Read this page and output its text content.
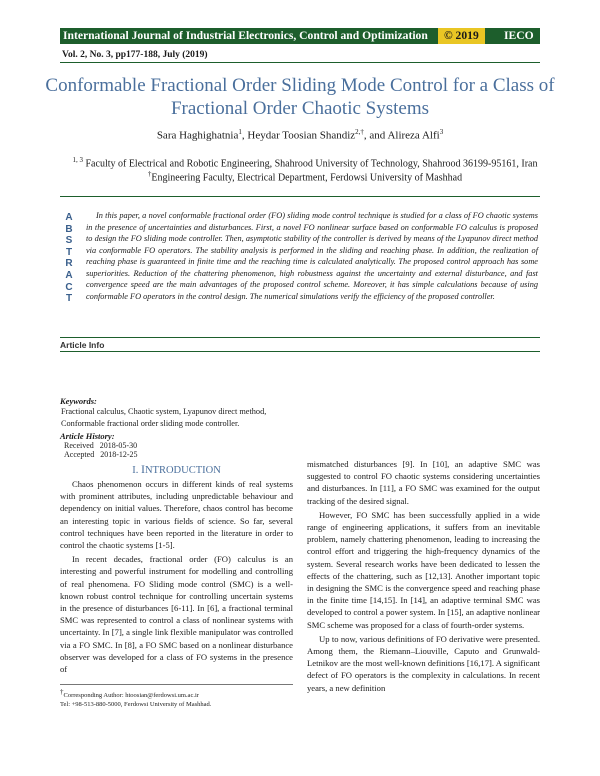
International Journal of Industrial Electronics, Control and Optimization	© 2019	IECO
Vol. 2, No. 3, pp177-188, July (2019)
Conformable Fractional Order Sliding Mode Control for a Class of
Fractional Order Chaotic Systems
Sara Haghighatnia$^1$, Heydar Toosian Shandiz$^{2,\dagger}$, and Alireza Alfi$^3$
$^{1, 3}$ Faculty of Electrical and Robotic Engineering, Shahrood University of Technology, Shahrood 36199-95161, Iran
†Engineering Faculty, Electrical Department, Ferdowsi University of Mashhad
A
B
S
T
R
A
C
T
In this paper, a novel conformable fractional order (FO) sliding mode control technique is studied for a class of FO chaotic systems in the presence of uncertainties and disturbances. First, a novel FO nonlinear surface based on conformable FO calculus is proposed to design the FO sliding mode controller. Then, asymptotic stability of the controller is derived by means of the Lyapunov direct method via conformable FO operators. The stability analysis is performed in the sliding and reaching phase. In addition, the realization of reaching phase is guaranteed in finite time and the reaching time is calculated analytically. The proposed control approach has some superiorities. Reduction of the chattering phenomenon, high robustness against the uncertainty and external disturbance, and fast convergence speed are the main advantages of the proposed control scheme. Moreover, it has simple calculations because of using conformable FO operators in the control design. The numerical simulations verify the efficiency of the proposed controller.
Article Info
Keywords:
Fractional calculus, Chaotic system, Lyapunov direct method,
Conformable fractional order sliding mode controller.
Article History:
Received 2018-05-30
Accepted 2018-12-25
I. INTRODUCTION

Chaos phenomenon occurs in different kinds of real systems with prominent attributes, including unpredictable behaviour and dependency on initial values. Therefore, chaos control has become an interesting topic in various fields of science. So far, several control techniques have been reported in the literature in order to control the chaotic systems [1-5].

In recent decades, fractional order (FO) calculus is an interesting and powerful instrument for modelling and controlling of real phenomena. FO Sliding mode control (SMC) is a well-known robust control technique for controlling uncertain systems in the presence of disturbances [6-11]. In [6], a fractional terminal SMC was represented to control a class of nonlinear systems with uncertainty. In [7], a single link flexible manipulator was controlled via a FO SMC. In [8], a FO SMC based on a nonlinear disturbance observer was developed for a class of FO systems in the presence of

mismatched disturbances [9]. In [10], an adaptive SMC was suggested to control FO chaotic systems considering uncertainties and disturbances. In [11], a FO SMC was examined for the output tracking of the desired signal.

However, FO SMC has been successfully applied in a wide range of engineering applications, it suffers from an inevitable problem, namely chattering phenomenon, leading to increasing the control effort and triggering the high-frequency dynamics of the system. Several research works have been dedicated to lessen the effects of the chattering, such as [12,13]. Another important topic in designing the SMC is the convergence speed and reaching phase in the finite time [14,15]. In [14], an adaptive terminal SMC was developed to control a power system. In [15], an adaptive nonlinear SMC scheme was proposed for a class of fourth-order systems.

Up to now, various definitions of FO derivative were presented. Among them, the Riemann–Liouville, Caputo and Grunwald-Letnikov are the most well-known definitions [16,17]. A significant defect of FO operators is the complexity in calculations. In recent years, a new definition

†Corresponding Author: htoosian@ferdowsi.um.ac.ir
Tel: +98-513-880-5000, Ferdowsi University of Mashhad.
